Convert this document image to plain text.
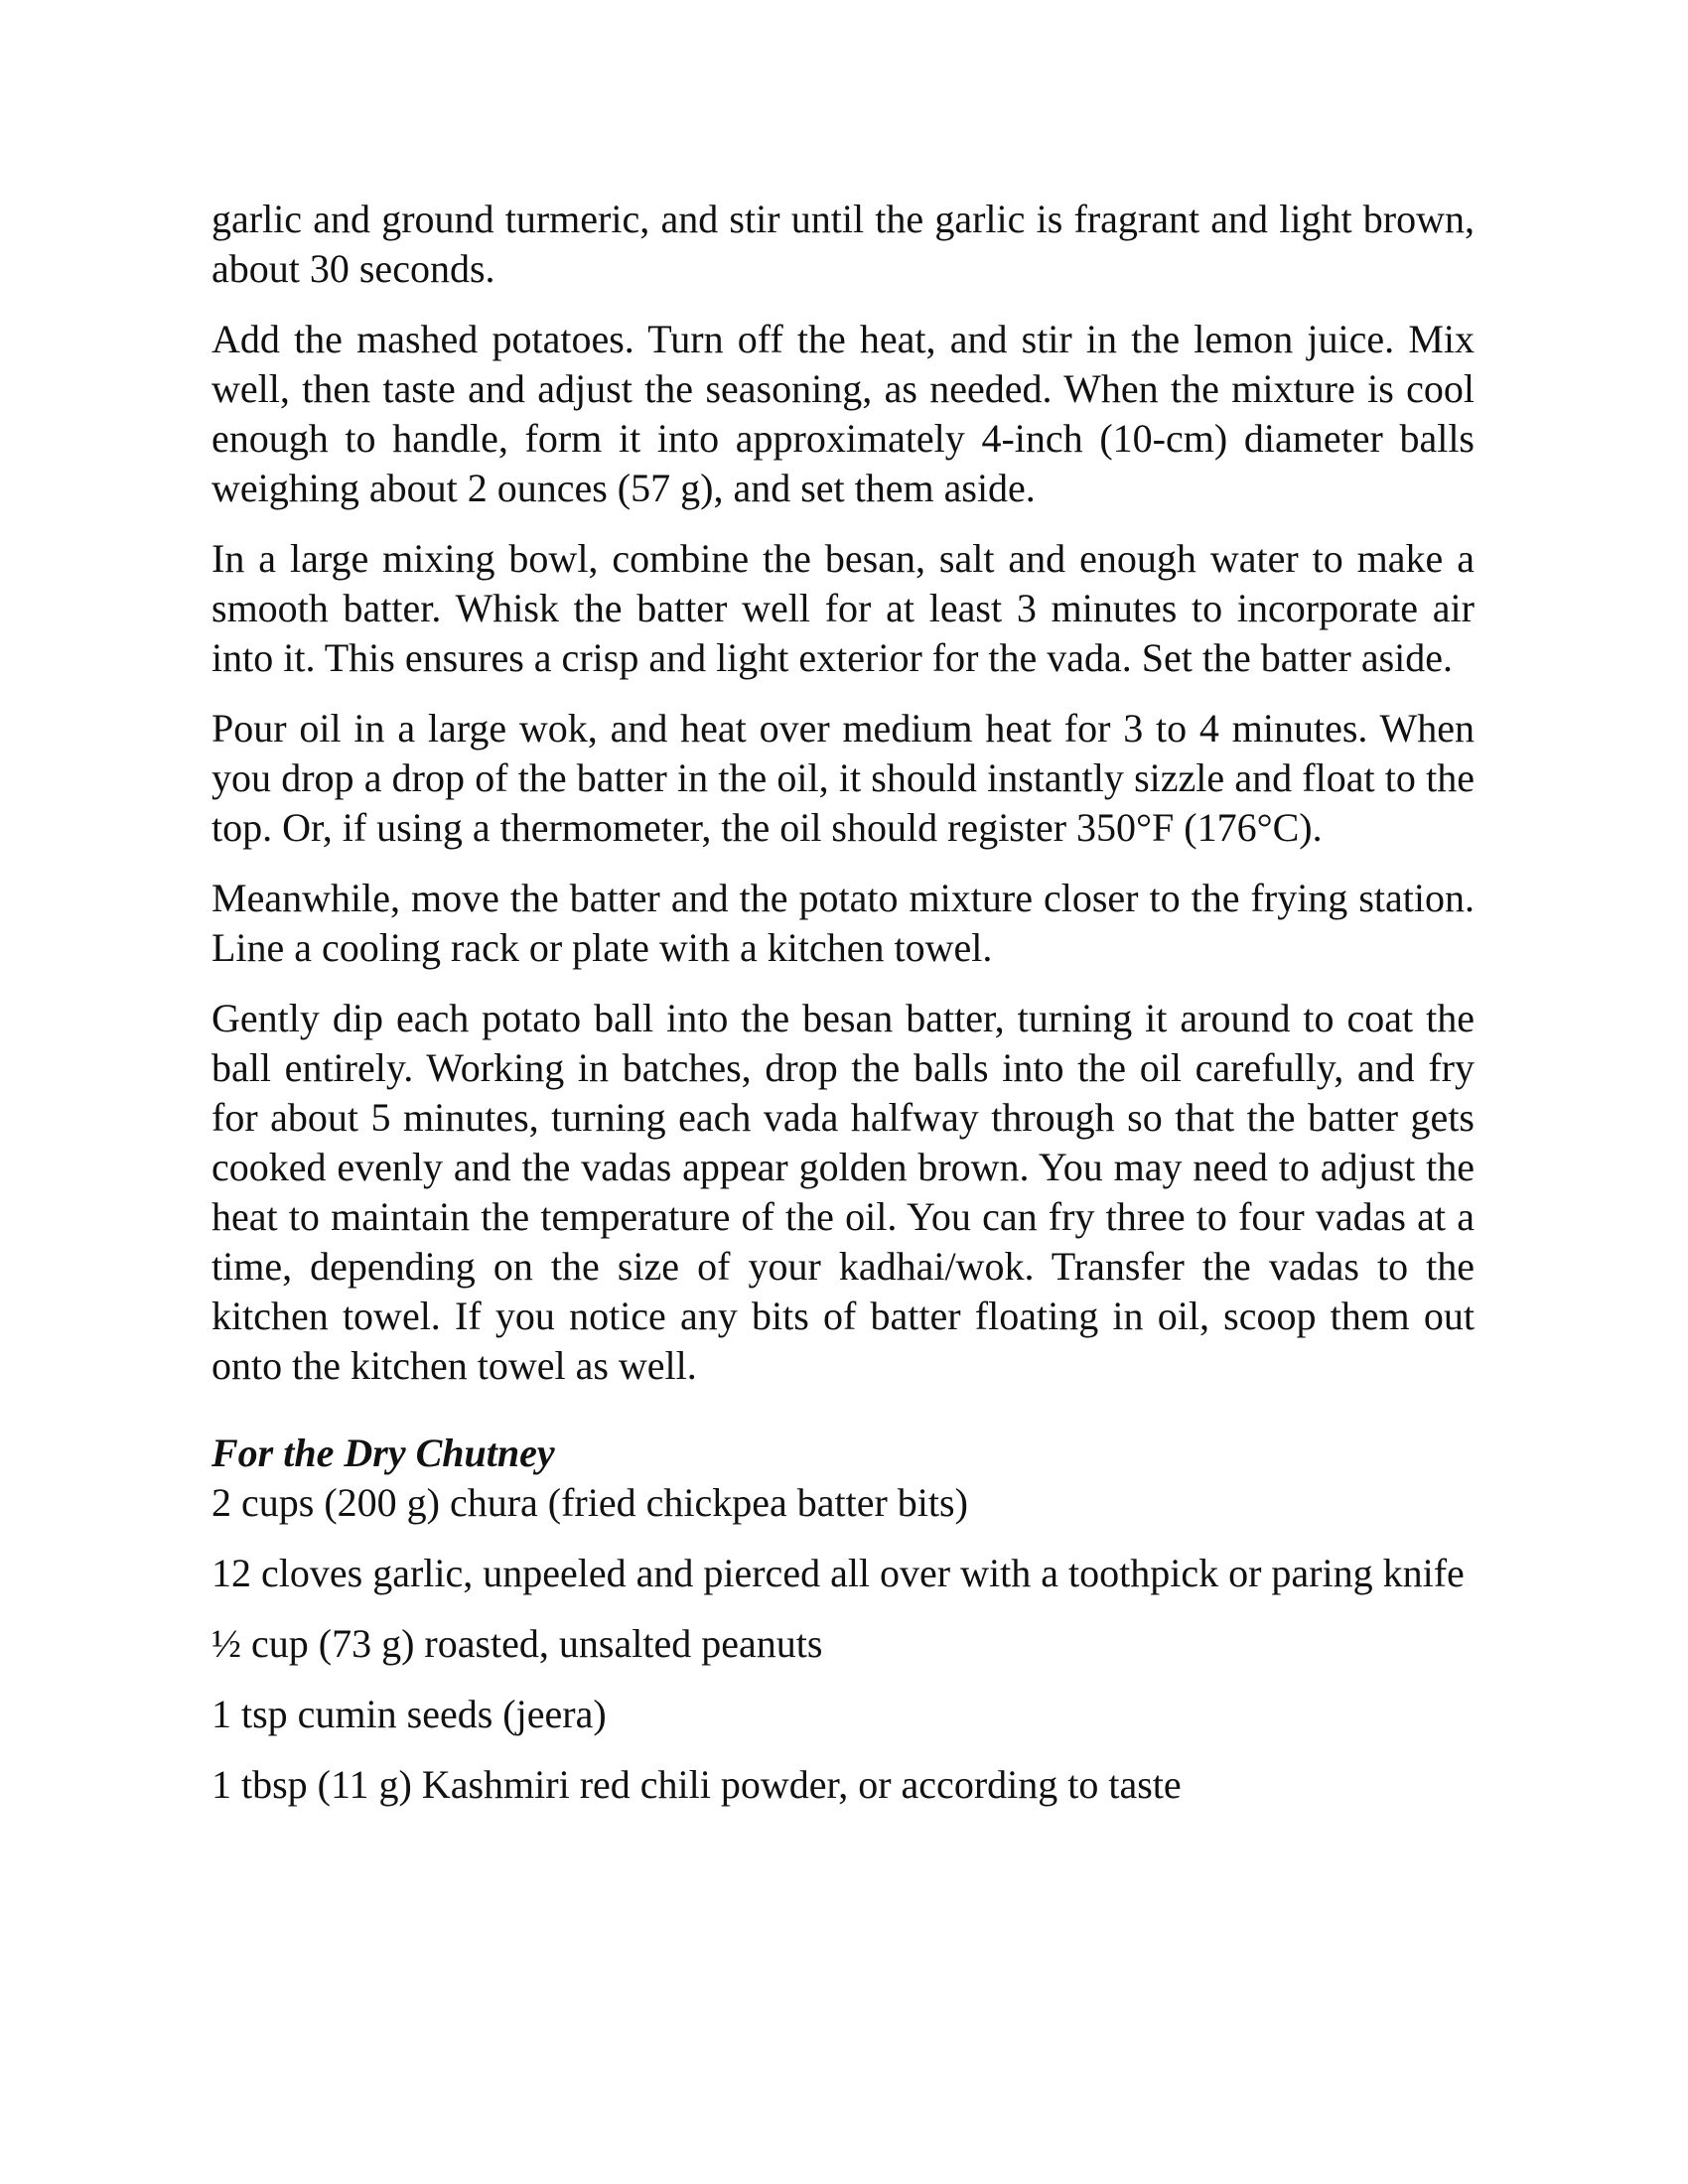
garlic and ground turmeric, and stir until the garlic is fragrant and light brown, about 30 seconds.

Add the mashed potatoes. Turn off the heat, and stir in the lemon juice. Mix well, then taste and adjust the seasoning, as needed. When the mixture is cool enough to handle, form it into approximately 4-inch (10-cm) diameter balls weighing about 2 ounces (57 g), and set them aside.

In a large mixing bowl, combine the besan, salt and enough water to make a smooth batter. Whisk the batter well for at least 3 minutes to incorporate air into it. This ensures a crisp and light exterior for the vada. Set the batter aside.

Pour oil in a large wok, and heat over medium heat for 3 to 4 minutes. When you drop a drop of the batter in the oil, it should instantly sizzle and float to the top. Or, if using a thermometer, the oil should register 350°F (176°C).

Meanwhile, move the batter and the potato mixture closer to the frying station. Line a cooling rack or plate with a kitchen towel.

Gently dip each potato ball into the besan batter, turning it around to coat the ball entirely. Working in batches, drop the balls into the oil carefully, and fry for about 5 minutes, turning each vada halfway through so that the batter gets cooked evenly and the vadas appear golden brown. You may need to adjust the heat to maintain the temperature of the oil. You can fry three to four vadas at a time, depending on the size of your kadhai/wok. Transfer the vadas to the kitchen towel. If you notice any bits of batter floating in oil, scoop them out onto the kitchen towel as well.

For the Dry Chutney

2 cups (200 g) chura (fried chickpea batter bits)

12 cloves garlic, unpeeled and pierced all over with a toothpick or paring knife

½ cup (73 g) roasted, unsalted peanuts

1 tsp cumin seeds (jeera)

1 tbsp (11 g) Kashmiri red chili powder, or according to taste
